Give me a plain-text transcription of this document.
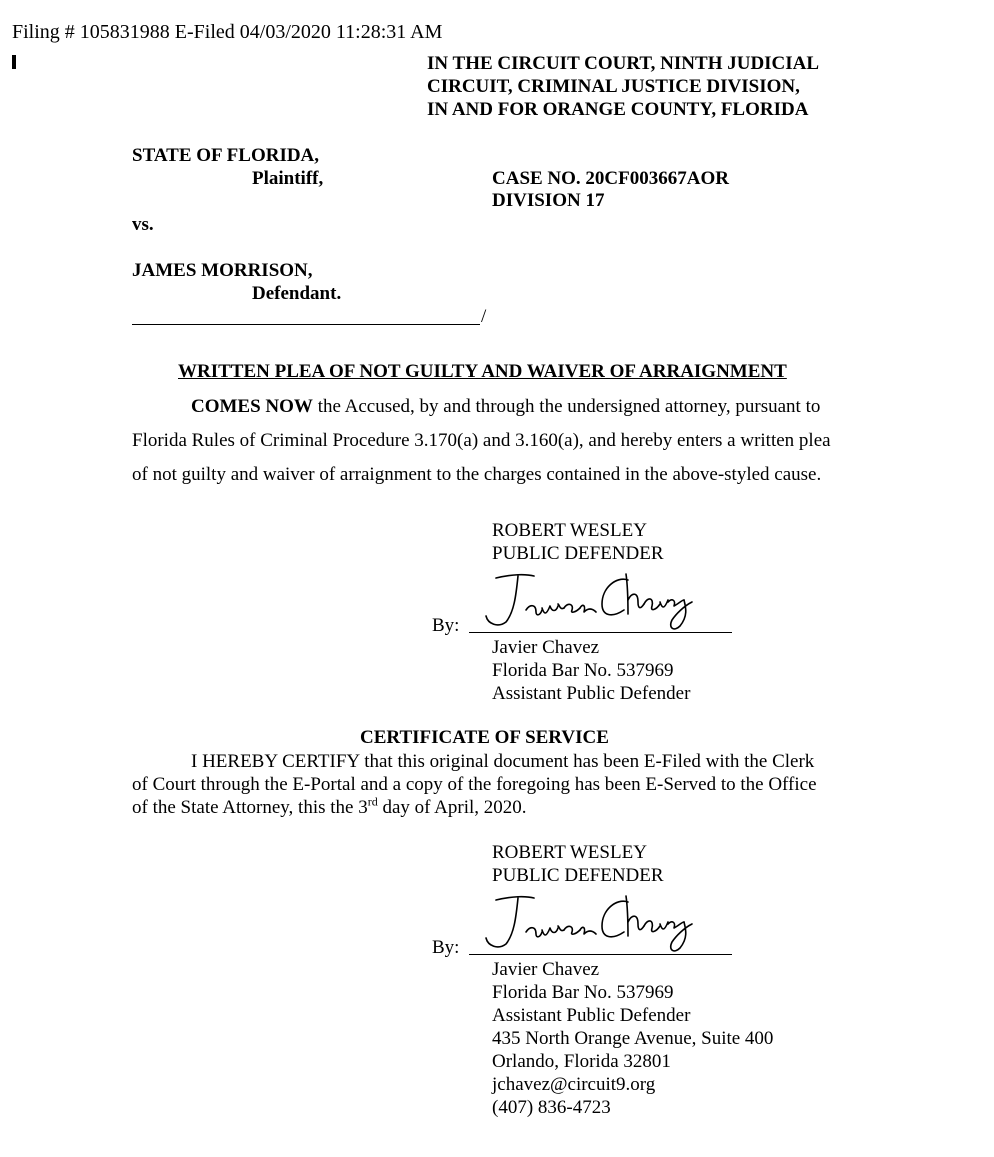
Filing # 105831988 E-Filed 04/03/2020 11:28:31 AM
IN THE CIRCUIT COURT, NINTH JUDICIAL
CIRCUIT, CRIMINAL JUSTICE DIVISION,
IN AND FOR ORANGE COUNTY, FLORIDA
STATE OF FLORIDA,
Plaintiff,	CASE NO. 20CF003667AOR
DIVISION 17
vs.
JAMES MORRISON,
Defendant.
/
WRITTEN PLEA OF NOT GUILTY AND WAIVER OF ARRAIGNMENT
COMES NOW the Accused, by and through the undersigned attorney, pursuant to
Florida Rules of Criminal Procedure 3.170(a) and 3.160(a), and hereby enters a written plea
of not guilty and waiver of arraignment to the charges contained in the above-styled cause.
ROBERT WESLEY
PUBLIC DEFENDER
By:
Javier Chavez
Florida Bar No. 537969
Assistant Public Defender
CERTIFICATE OF SERVICE
I HEREBY CERTIFY that this original document has been E-Filed with the Clerk
of Court through the E-Portal and a copy of the foregoing has been E-Served to the Office
of the State Attorney, this the 3rd day of April, 2020.
ROBERT WESLEY
PUBLIC DEFENDER
By:
Javier Chavez
Florida Bar No. 537969
Assistant Public Defender
435 North Orange Avenue, Suite 400
Orlando, Florida 32801
jchavez@circuit9.org
(407) 836-4723
